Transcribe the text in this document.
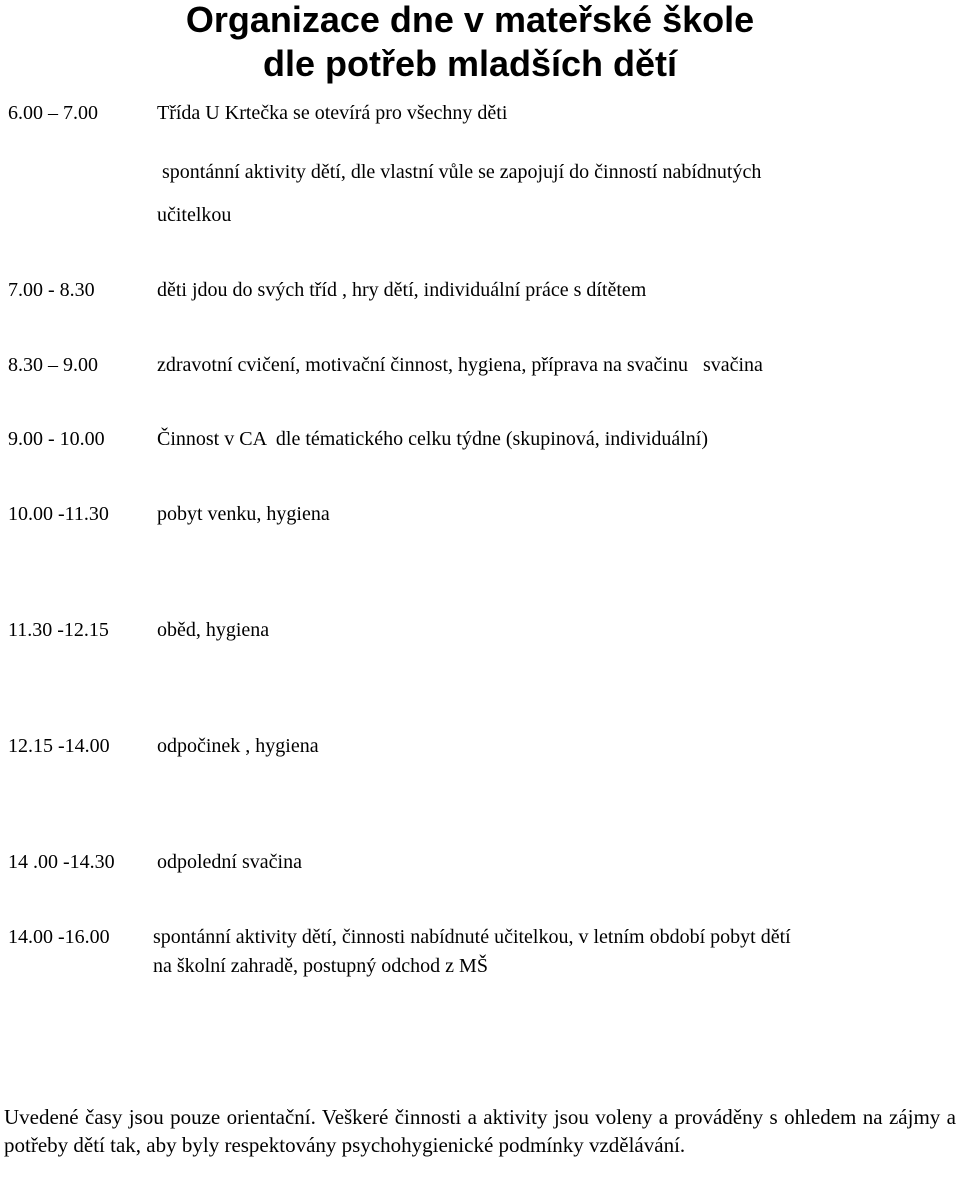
Organizace dne v mateřské škole
dle potřeb mladších dětí
6.00 – 7.00	Třída U Krtečka se otevírá pro všechny děti
spontánní aktivity dětí, dle vlastní vůle se zapojují do činností nabídnutých
učitelkou
7.00 - 8.30	děti jdou do svých tříd , hry dětí, individuální práce s dítětem
8.30 – 9.00	zdravotní cvičení, motivační činnost, hygiena, příprava na svačinu   svačina
9.00 - 10.00	Činnost v CA  dle tématického celku týdne (skupinová, individuální)
10.00 -11.30 pobyt venku, hygiena
11.30 -12.15 oběd, hygiena
12.15 -14.00 odpočinek , hygiena
14 .00 -14.30 odpolední svačina
14.00 -16.00 spontánní aktivity dětí, činnosti nabídnuté učitelkou, v letním období pobyt dětí
na školní zahradě, postupný odchod z MŠ
Uvedené časy jsou pouze orientační. Veškeré činnosti a aktivity jsou voleny a prováděny s ohledem na zájmy a potřeby dětí tak, aby byly respektovány psychohygienické podmínky vzdělávání.
